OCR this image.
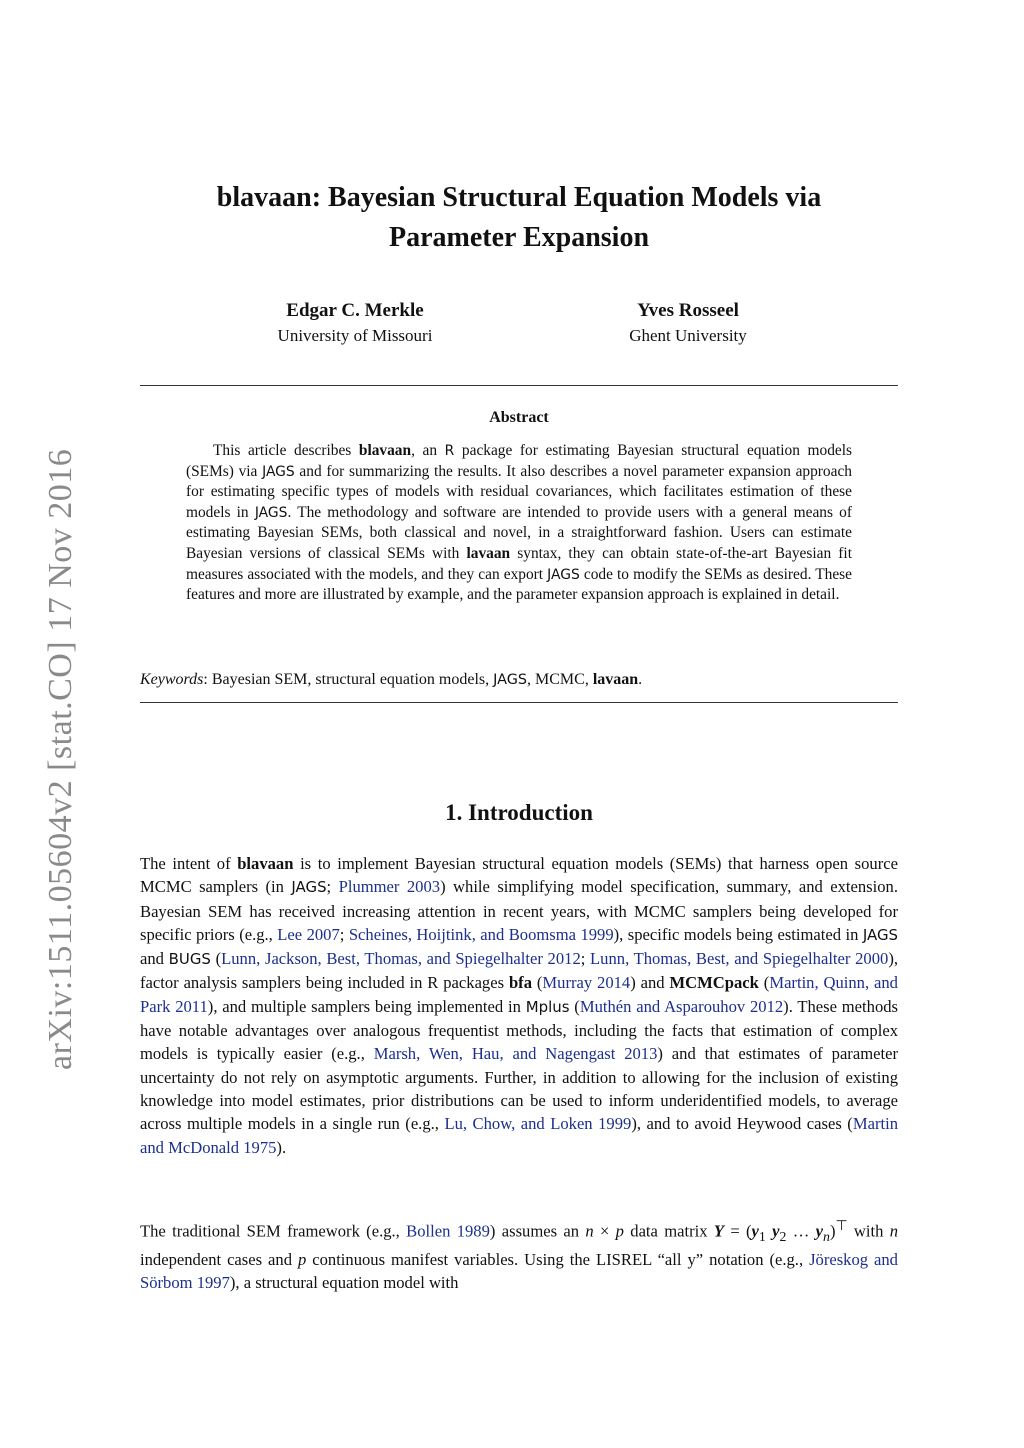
arXiv:1511.05604v2 [stat.CO] 17 Nov 2016
blavaan: Bayesian Structural Equation Models via
Parameter Expansion
Edgar C. Merkle
University of Missouri
Yves Rosseel
Ghent University
Abstract

This article describes blavaan, an R package for estimating Bayesian structural equation models (SEMs) via JAGS and for summarizing the results. It also describes a novel parameter expansion approach for estimating specific types of models with residual covariances, which facilitates estimation of these models in JAGS. The methodology and software are intended to provide users with a general means of estimating Bayesian SEMs, both classical and novel, in a straightforward fashion. Users can estimate Bayesian versions of classical SEMs with lavaan syntax, they can obtain state-of-the-art Bayesian fit measures associated with the models, and they can export JAGS code to modify the SEMs as desired. These features and more are illustrated by example, and the parameter expansion approach is explained in detail.

Keywords: Bayesian SEM, structural equation models, JAGS, MCMC, lavaan.

1. Introduction

The intent of blavaan is to implement Bayesian structural equation models (SEMs) that harness open source MCMC samplers (in JAGS; Plummer 2003) while simplifying model specification, summary, and extension. Bayesian SEM has received increasing attention in recent years, with MCMC samplers being developed for specific priors (e.g., Lee 2007; Scheines, Hoijtink, and Boomsma 1999), specific models being estimated in JAGS and BUGS (Lunn, Jackson, Best, Thomas, and Spiegelhalter 2012; Lunn, Thomas, Best, and Spiegelhalter 2000), factor analysis samplers being included in R packages bfa (Murray 2014) and MCMCpack (Martin, Quinn, and Park 2011), and multiple samplers being implemented in Mplus (Muthén and Asparouhov 2012). These methods have notable advantages over analogous frequentist methods, including the facts that estimation of complex models is typically easier (e.g., Marsh, Wen, Hau, and Nagengast 2013) and that estimates of parameter uncertainty do not rely on asymptotic arguments. Further, in addition to allowing for the inclusion of existing knowledge into model estimates, prior distributions can be used to inform underidentified models, to average across multiple models in a single run (e.g., Lu, Chow, and Loken 1999), and to avoid Heywood cases (Martin and McDonald 1975).

The traditional SEM framework (e.g., Bollen 1989) assumes an n × p data matrix $Y = (y_1$ $y_2$ … $y_n)^⊤$ with n independent cases and p continuous manifest variables. Using the LISREL “all y” notation (e.g., Jöreskog and Sörbom 1997), a structural equation model with
